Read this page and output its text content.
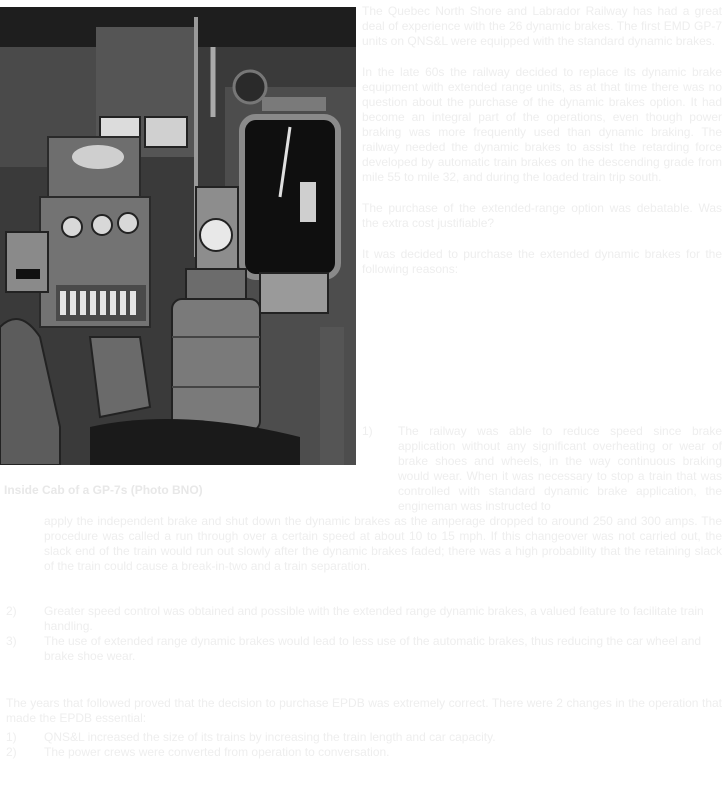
Inside Cab of a GP-7s (Photo BNO)

The Quebec North Shore and Labrador Railway has had a great deal of experience with the 26 dynamic brakes. The first EMD GP-7 units on QNS&L were equipped with the standard dynamic brakes.

In the late 60s the railway decided to replace its dynamic brake equipment with extended range units, as at that time there was no question about the purchase of the dynamic brakes option. It had become an integral part of the operations, even though power braking was more frequently used than dynamic braking. The railway needed the dynamic brakes to assist the retarding force developed by automatic train brakes on the descending grade from mile 55 to mile 32, and during the loaded train trip south.

The purchase of the extended-range option was debatable. Was the extra cost justifiable?

It was decided to purchase the extended dynamic brakes for the following reasons:

1) The railway was able to reduce speed since brake application without any significant overheating or wear of brake shoes and wheels, in the way continuous braking would wear. When it was necessary to stop a train that was controlled with standard dynamic brake application, the engineman was instructed to
apply the independent brake and shut down the dynamic brakes as the amperage dropped to around 250 and 300 amps. The procedure was called a run through over a certain speed at about 10 to 15 mph. If this changeover was not carried out, the slack end of the train would run out slowly after the dynamic brakes faded; there was a high probability that the retaining slack of the train could cause a break-in-two and a train separation.
2) Greater speed control was obtained and possible with the extended range dynamic brakes, a valued feature to facilitate train handling.
3) The use of extended range dynamic brakes would lead to less use of the automatic brakes, thus reducing the car wheel and brake shoe wear.
The years that followed proved that the decision to purchase EPDB was extremely correct. There were 2 changes in the operation that made the EPDB essential:
1) QNS&L increased the size of its trains by increasing the train length and car capacity.
2) The power crews were converted from operation to conversation.
